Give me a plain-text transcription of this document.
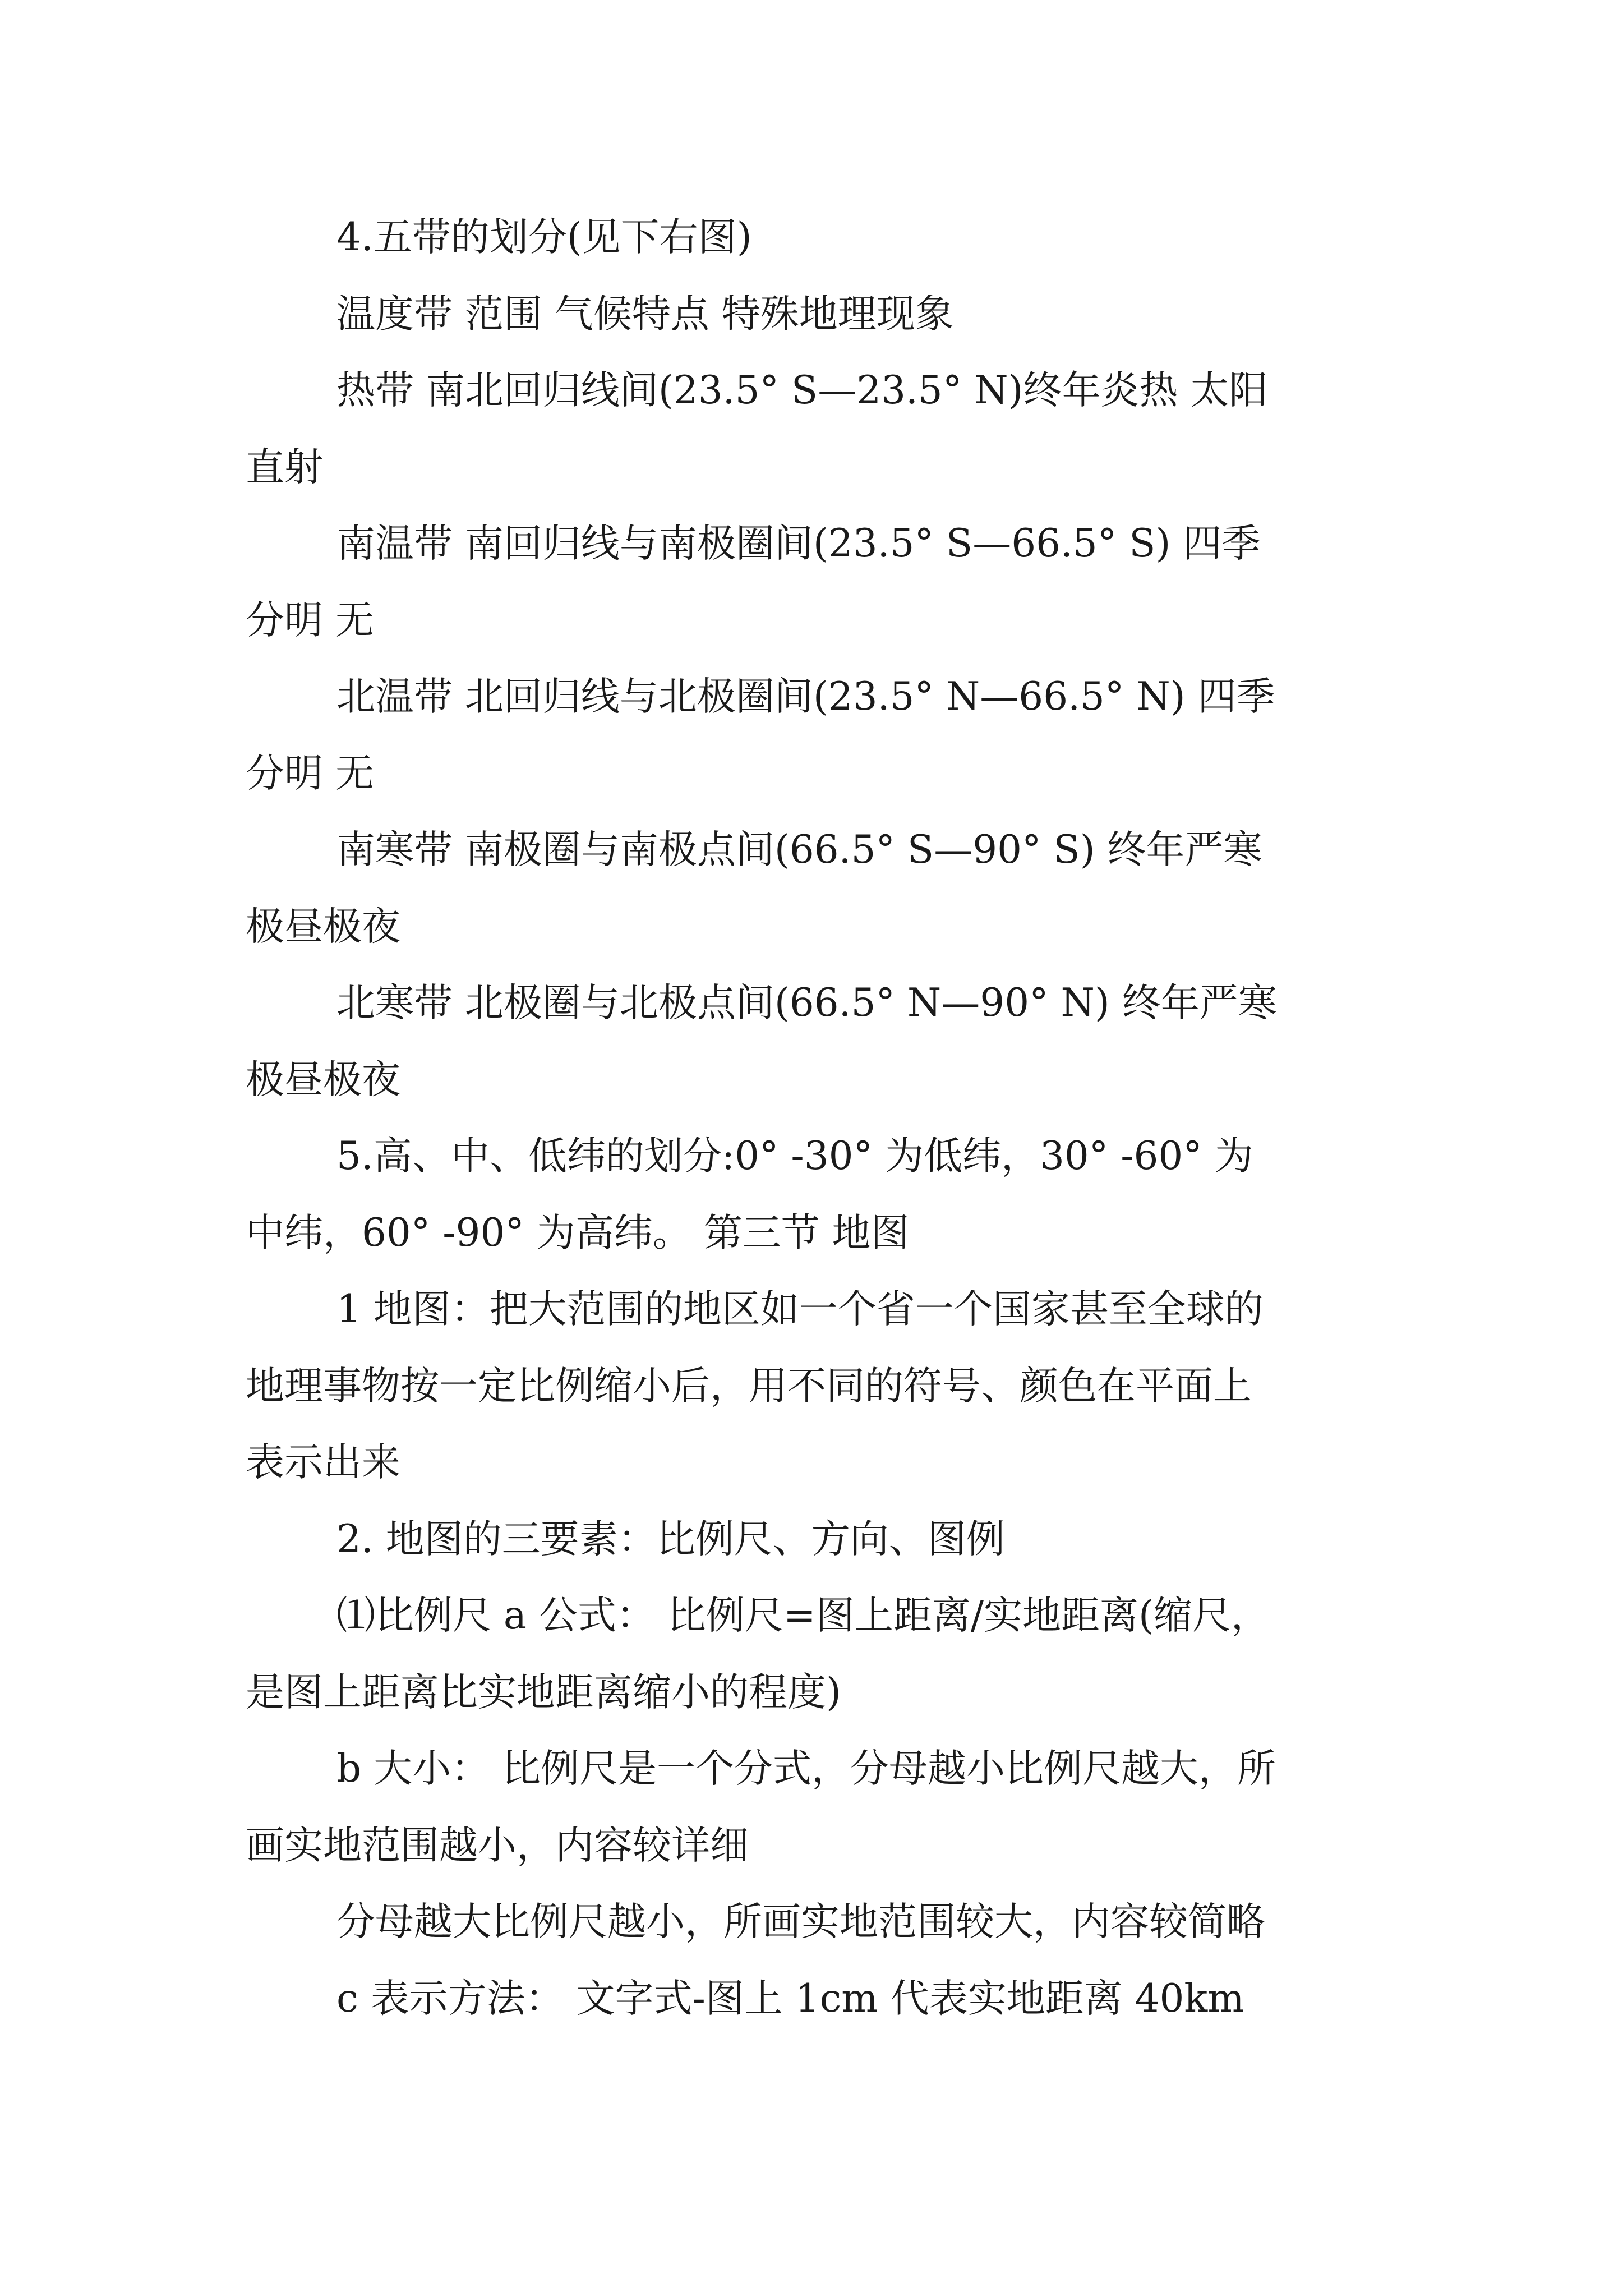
4.五带的划分(见下右图)
温度带 范围 气候特点 特殊地理现象
热带 南北回归线间(23.5° S—23.5° N)终年炎热 太阳
直射
南温带 南回归线与南极圈间(23.5° S—66.5° S) 四季
分明 无
北温带 北回归线与北极圈间(23.5° N—66.5° N) 四季
分明 无
南寒带 南极圈与南极点间(66.5° S—90° S) 终年严寒
极昼极夜
北寒带 北极圈与北极点间(66.5° N—90° N) 终年严寒
极昼极夜
5.高、中、低纬的划分:0° -30° 为低纬，30° -60° 为
中纬，60° -90° 为高纬。 第三节 地图
1 地图：把大范围的地区如一个省一个国家甚至全球的
地理事物按一定比例缩小后，用不同的符号、颜色在平面上
表示出来
2. 地图的三要素：比例尺、方向、图例
⑴比例尺 a 公式： 比例尺=图上距离/实地距离(缩尺，
是图上距离比实地距离缩小的程度)
b 大小： 比例尺是一个分式，分母越小比例尺越大，所
画实地范围越小，内容较详细
分母越大比例尺越小，所画实地范围较大，内容较简略
c 表示方法： 文字式-图上 1cm 代表实地距离 40km
